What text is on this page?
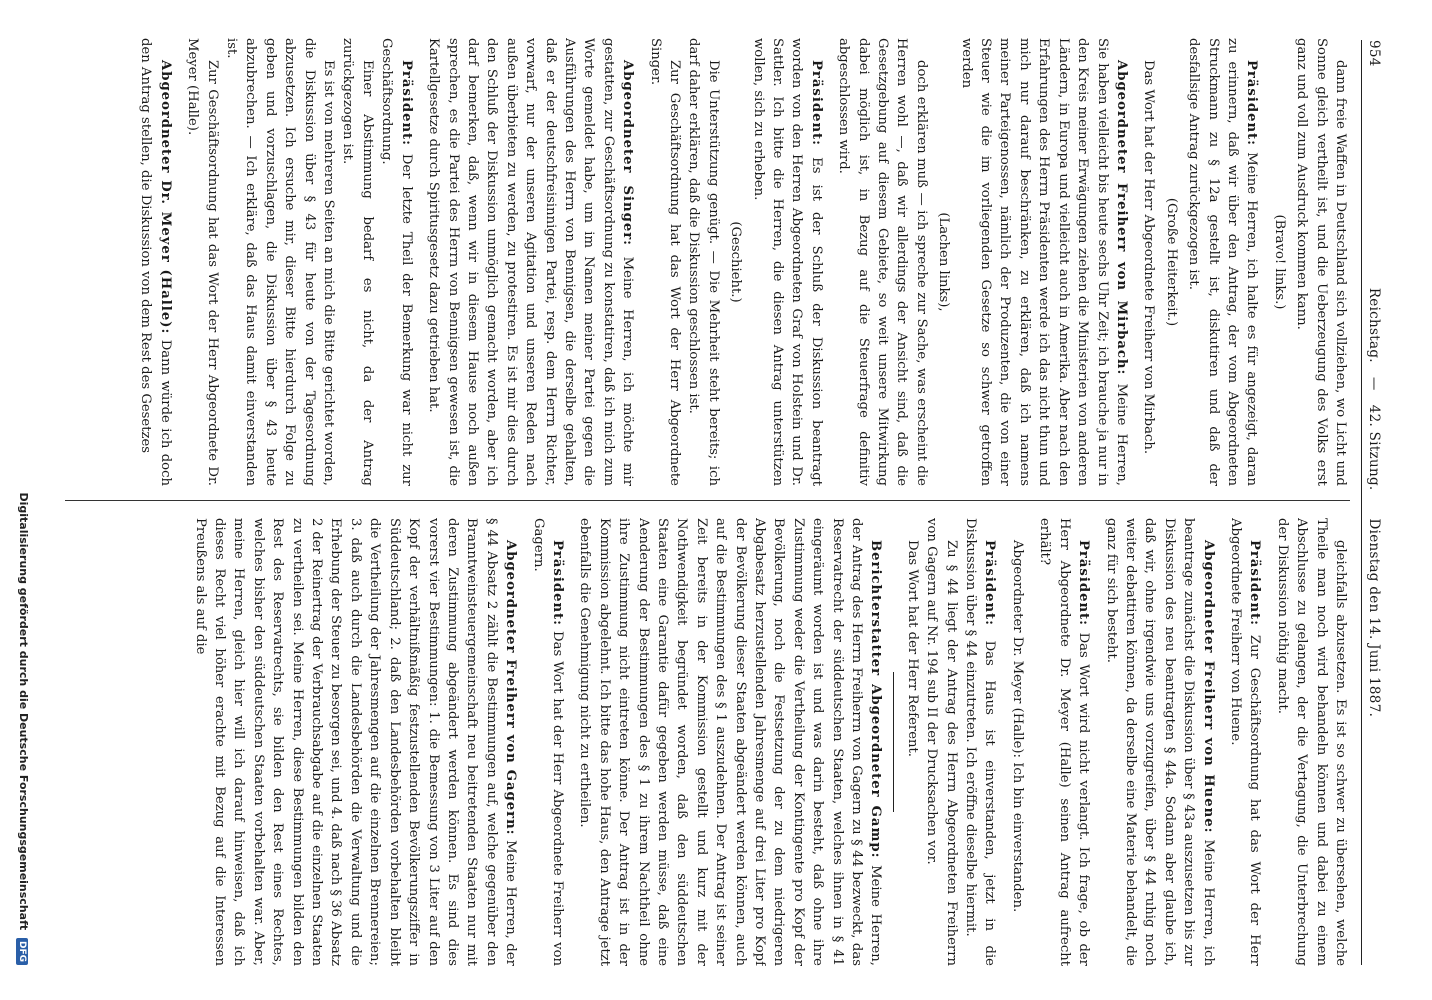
954
Reichstag.—42. Sitzung.Dienstag den 14. Juni 1887.

dann freie Waffen in Deutschland sich vollziehen, wo Licht und Sonne gleich vertheilt ist, und die Ueberzeugung des Volks erst ganz und voll zum Ausdruck kommen kann.

(Bravo! links.)

Präsident: Meine Herren, ich halte es für angezeigt, daran zu erinnern, daß wir über den Antrag, der vom Abgeordneten Struckmann zu § 12a gestellt ist, diskutiren und daß der desfallsige Antrag zurückgezogen ist.

(Große Heiterkeit.)

Das Wort hat der Herr Abgeordnete Freiherr von Mirbach.

Abgeordneter Freiherr von Mirbach: Meine Herren, Sie haben vielleicht bis heute sechs Uhr Zeit; ich brauche ja nur in den Kreis meiner Erwägungen ziehen die Ministerien von anderen Ländern, in Europa und vielleicht auch in Amerika. Aber nach den Erfahrungen des Herrn Präsidenten werde ich das nicht thun und mich nur darauf beschränken, zu erklären, daß ich namens meiner Parteigenossen, nämlich der Produzenten, die von einer Steuer wie die im vorliegenden Gesetze so schwer getroffen werden

(Lachen links),

doch erklären muß — ich spreche zur Sache, was erscheint die Herren wohl —, daß wir allerdings der Ansicht sind, daß die Gesetzgebung auf diesem Gebiete, so weit unsere Mitwirkung dabei möglich ist, in Bezug auf die Steuerfrage definitiv abgeschlossen wird.

Präsident: Es ist der Schluß der Diskussion beantragt worden von den Herren Abgeordneten Graf von Holstein und Dr. Sattler. Ich bitte die Herren, die diesen Antrag unterstützen wollen, sich zu erheben.

(Geschieht.)

Die Unterstützung genügt. — Die Mehrheit steht bereits; ich darf daher erklären, daß die Diskussion geschlossen ist.

Zur Geschäftsordnung hat das Wort der Herr Abgeordnete Singer.

Abgeordneter Singer: Meine Herren, ich möchte mir gestatten, zur Geschäftsordnung zu konstatiren, daß ich mich zum Worte gemeldet habe, um im Namen meiner Partei gegen die Ausführungen des Herrn von Bennigsen, die derselbe gehalten, daß er der deutschfreisinnigen Partei, resp. dem Herrn Richter, vorwarf, nur der unseren Agitation und unseren Reden nach außen überbieten zu werden, zu protestiren. Es ist mir dies durch den Schluß der Diskussion unmöglich gemacht worden, aber ich darf bemerken, daß, wenn wir in diesem Hause noch außen sprechen, es die Partei des Herrn von Bennigsen gewesen ist, die Kartellgesetze durch Spiritusgesetz dazu getrieben hat.

Präsident: Der letzte Theil der Bemerkung war nicht zur Geschäftsordnung.

Einer Abstimmung bedarf es nicht, da der Antrag zurückgezogen ist.

Es ist von mehreren Seiten an mich die Bitte gerichtet worden, die Diskussion über § 43 für heute von der Tagesordnung abzusetzen. Ich ersuche mir, dieser Bitte hierdurch Folge zu geben und vorzuschlagen, die Diskussion über § 43 heute abzubrechen. — Ich erkläre, daß das Haus damit einverstanden ist.

Zur Geschäftsordnung hat das Wort der Herr Abgeordnete Dr. Meyer (Halle).

Abgeordneter Dr. Meyer (Halle): Dann würde ich doch den Antrag stellen, die Diskussion von dem Rest des Gesetzes

gleichfalls abzusetzen. Es ist so schwer zu übersehen, welche Theile man noch wird behandeln können und dabei zu einem Abschlusse zu gelangen, der die Vertagung, die Unterbrechung der Diskussion nöthig macht.

Präsident: Zur Geschäftsordnung hat das Wort der Herr Abgeordnete Freiherr von Huene.

Abgeordneter Freiherr von Huene: Meine Herren, ich beantrage zunächst die Diskussion über § 43a auszusetzen bis zur Diskussion des neu beantragten § 44a. Sodann aber glaube ich, daß wir, ohne irgendwie uns vorzugreifen, über § 44 ruhig noch weiter debattiren können, da derselbe eine Materie behandelt, die ganz für sich besteht.

Präsident: Das Wort wird nicht verlangt. Ich frage, ob der Herr Abgeordnete Dr. Meyer (Halle) seinen Antrag aufrecht erhält?

Abgeordneter Dr. Meyer (Halle): Ich bin einverstanden.

Präsident: Das Haus ist einverstanden, jetzt in die Diskussion über § 44 einzutreten. Ich eröffne dieselbe hiermit.

Zu § 44 liegt der Antrag des Herrn Abgeordneten Freiherrn von Gagern auf Nr. 194 sub II der Drucksachen vor.

Das Wort hat der Herr Referent.

Berichterstatter Abgeordneter Gamp: Meine Herren, der Antrag des Herrn Freiherrn von Gagern zu § 44 bezweckt, das Reservatrecht der süddeutschen Staaten, welches ihnen in § 41 eingeräumt worden ist und was darin besteht, daß ohne ihre Zustimmung weder die Vertheilung der Kontingente pro Kopf der Bevölkerung, noch die Festsetzung der zu dem niedrigeren Abgabesatz herzustellenden Jahresmenge auf drei Liter pro Kopf der Bevölkerung dieser Staaten abgeändert werden können, auch auf die Bestimmungen des § 1 auszudehnen. Der Antrag ist seiner Zeit bereits in der Kommission gestellt und kurz mit der Nothwendigkeit begründet worden, daß den süddeutschen Staaten eine Garantie dafür gegeben werden müsse, daß eine Aenderung der Bestimmungen des § 1 zu ihrem Nachtheil ohne ihre Zustimmung nicht eintreten könne. Der Antrag ist in der Kommission abgelehnt. Ich bitte das hohe Haus, den Antrage jetzt ebenfalls die Genehmigung nicht zu ertheilen.

Präsident: Das Wort hat der Herr Abgeordnete Freiherr von Gagern.

Abgeordneter Freiherr von Gagern: Meine Herren, der § 44 Absatz 2 zählt die Bestimmungen auf, welche gegenüber den Branntweinsteuergemeinschaft neu beitretenden Staaten nur mit deren Zustimmung abgeändert werden können. Es sind dies vorerst vier Bestimmungen: 1. die Bemessung von 3 Liter auf den Kopf der verhältnißmäßig festzustellenden Bevölkerungsziffer in Süddeutschland; 2. daß den Landesbehörden vorbehalten bleibt die Vertheilung der Jahresmengen auf die einzelnen Brennereien; 3. daß auch durch die Landesbehörden die Verwaltung und die Erhebung der Steuer zu besorgen sei, und 4. daß nach § 36 Absatz 2 der Reinertrag der Verbrauchsabgabe auf die einzelnen Staaten zu vertheilen sei. Meine Herren, diese Bestimmungen bilden den Rest des Reservatrechts, sie bilden den Rest eines Rechtes, welches bisher den süddeutschen Staaten vorbehalten war. Aber, meine Herren, gleich hier will ich darauf hinweisen, daß ich dieses Recht viel höher erachte mit Bezug auf die Interessen Preußens als auf die

Digitalisierung gefördert durch die Deutsche Forschungsgemeinschaft DFG
